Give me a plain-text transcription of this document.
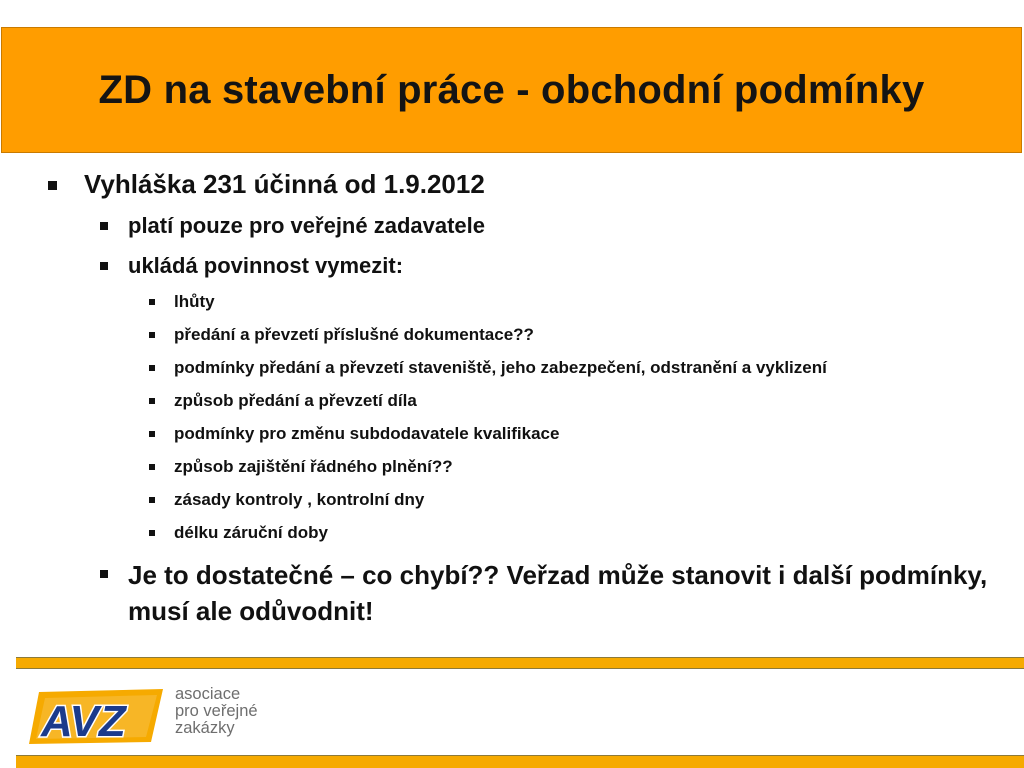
ZD na stavební práce - obchodní podmínky
Vyhláška 231 účinná od 1.9.2012
platí pouze pro veřejné zadavatele
ukládá povinnost vymezit:
lhůty
předání a převzetí příslušné dokumentace??
podmínky předání a převzetí staveniště, jeho zabezpečení, odstranění a vyklizení
způsob předání a převzetí díla
podmínky pro změnu subdodavatele kvalifikace
způsob zajištění řádného plnění??
zásady kontroly , kontrolní dny
délku záruční doby
Je to dostatečné – co chybí?? Veřzad může stanovit i další podmínky, musí ale odůvodnit!
AVZ
asociace
pro veřejné
zakázky
